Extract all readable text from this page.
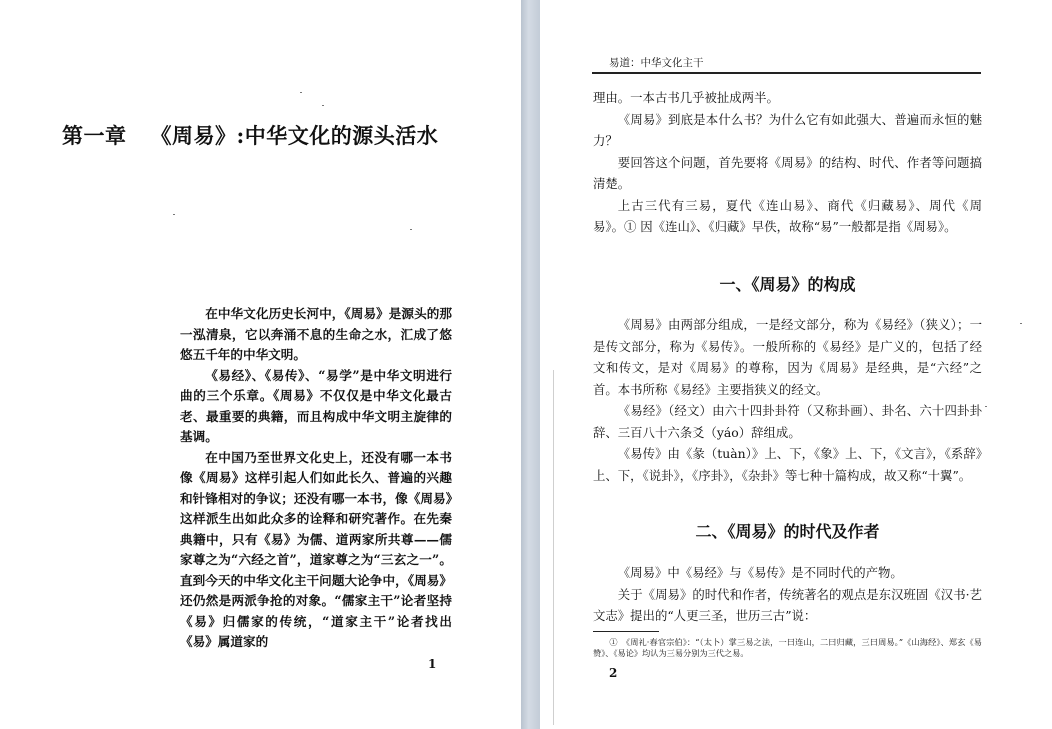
第一章 《周易》:中华文化的源头活水

在中华文化历史长河中，《周易》是源头的那一泓清泉，它以奔涌不息的生命之水，汇成了悠悠五千年的中华文明。

《易经》、《易传》、“易学”是中华文明进行曲的三个乐章。《周易》不仅仅是中华文化最古老、最重要的典籍，而且构成中华文明主旋律的基调。

在中国乃至世界文化史上，还没有哪一本书像《周易》这样引起人们如此长久、普遍的兴趣和针锋相对的争议；还没有哪一本书，像《周易》这样派生出如此众多的诠释和研究著作。在先秦典籍中，只有《易》为儒、道两家所共尊——儒家尊之为“六经之首”，道家尊之为“三玄之一”。直到今天的中华文化主干问题大论争中，《周易》还仍然是两派争抢的对象。“儒家主干”论者坚持《易》归儒家的传统，“道家主干”论者找出《易》属道家的

1
易道：中华文化主干

理由。一本古书几乎被扯成两半。

《周易》到底是本什么书？为什么它有如此强大、普遍而永恒的魅力？

要回答这个问题，首先要将《周易》的结构、时代、作者等问题搞清楚。

上古三代有三易，夏代《连山易》、商代《归藏易》、周代《周易》。① 因《连山》、《归藏》早佚，故称“易”一般都是指《周易》。

一、《周易》的构成

《周易》由两部分组成，一是经文部分，称为《易经》（狭义）；一是传文部分，称为《易传》。一般所称的《易经》是广义的，包括了经文和传文，是对《周易》的尊称，因为《周易》是经典，是“六经”之首。本书所称《易经》主要指狭义的经文。

《易经》（经文）由六十四卦卦符（又称卦画）、卦名、六十四卦卦辞、三百八十六条爻（yáo）辞组成。

《易传》由《彖（tuàn）》上、下，《象》上、下，《文言》，《系辞》上、下，《说卦》，《序卦》，《杂卦》等七种十篇构成，故又称“十翼”。

二、《周易》的时代及作者

《周易》中《易经》与《易传》是不同时代的产物。

关于《周易》的时代和作者，传统著名的观点是东汉班固《汉书·艺文志》提出的“人更三圣，世历三古”说：

①　《周礼·春官宗伯》：“（太卜）掌三易之法，一曰连山，二曰归藏，三曰周易。”《山海经》、郑玄《易赞》、《易论》均认为三易分别为三代之易。
2
